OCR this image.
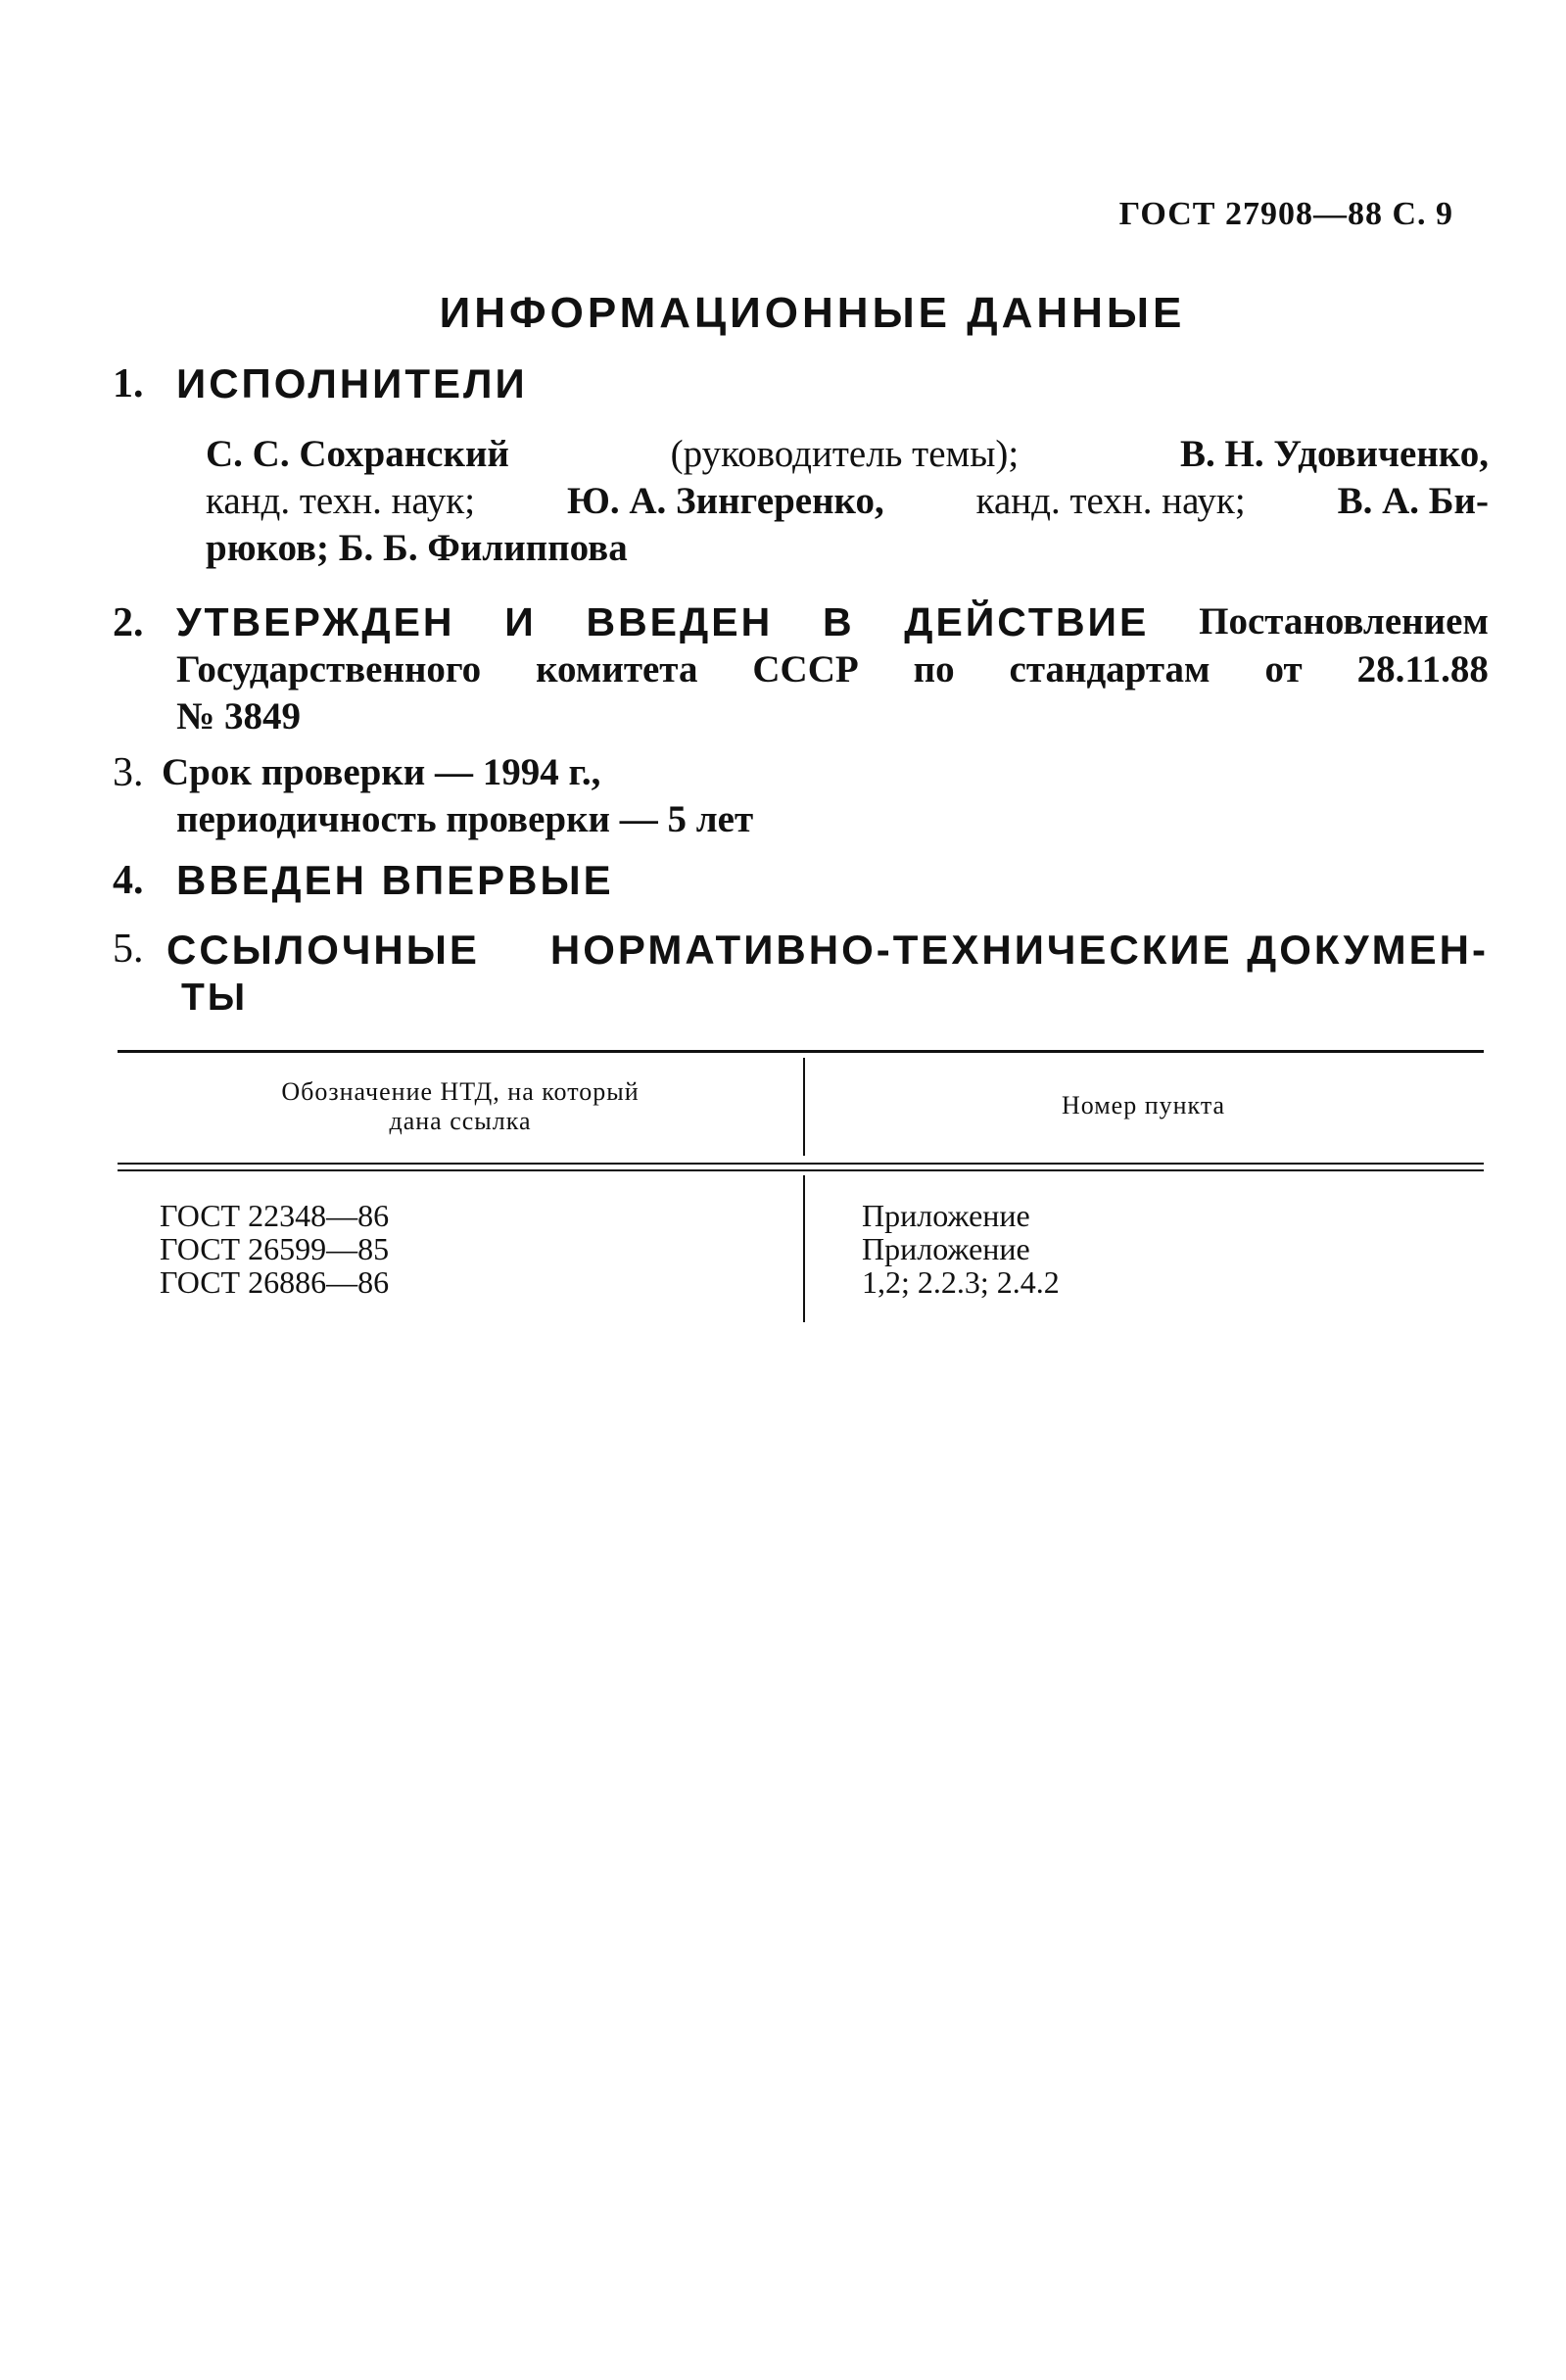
ГОСТ 27908—88 С. 9
ИНФОРМАЦИОННЫЕ ДАННЫЕ
1. ИСПОЛНИТЕЛИ
С. С. Сохранский	(руководитель темы);	В. Н. Удовиченко,
канд. техн. наук; Ю. А. Зингеренко, канд. техн. наук; В. А. Би-
рюков; Б. Б. Филиппова
2. УТВЕРЖДЕН И ВВЕДЕН В ДЕЙСТВИЕ Постановлением
Государственного комитета СССР по стандартам от 28.11.88
№ 3849
3. Срок проверки — 1994 г.,
периодичность проверки — 5 лет
4. ВВЕДЕН ВПЕРВЫЕ
5. ССЫЛОЧНЫЕ НОРМАТИВНО-ТЕХНИЧЕСКИЕ ДОКУМЕН-
ТЫ
Обозначение НТД, на который
дана ссылка
Номер пункта
ГОСТ 22348—86
ГОСТ 26599—85
ГОСТ 26886—86
Приложение
Приложение
1,2; 2.2.3; 2.4.2
